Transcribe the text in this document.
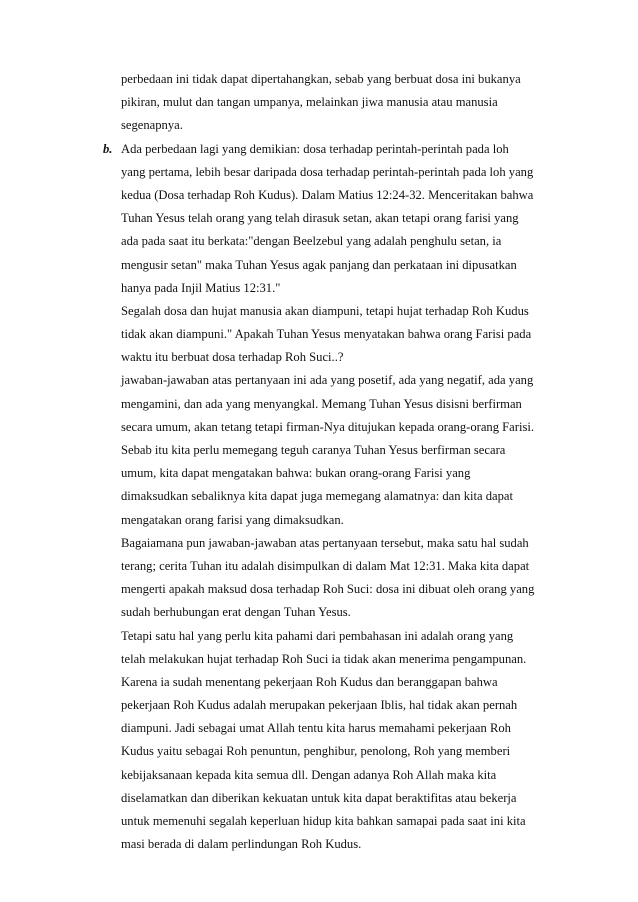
b.
perbedaan ini tidak dapat dipertahangkan, sebab yang berbuat dosa ini bukanya
pikiran, mulut dan tangan umpanya, melainkan jiwa manusia atau manusia
segenapnya.
Ada perbedaan lagi yang demikian: dosa terhadap perintah-perintah pada loh
yang pertama, lebih besar daripada dosa terhadap perintah-perintah pada loh yang
kedua (Dosa terhadap Roh Kudus). Dalam Matius 12:24-32. Menceritakan bahwa
Tuhan Yesus telah orang yang telah dirasuk setan, akan tetapi orang farisi yang
ada pada saat itu berkata:"dengan Beelzebul yang adalah penghulu setan, ia
mengusir setan" maka Tuhan Yesus agak panjang dan perkataan ini dipusatkan
hanya pada Injil Matius 12:31."
Segalah dosa dan hujat manusia akan diampuni, tetapi hujat terhadap Roh Kudus
tidak akan diampuni." Apakah Tuhan Yesus menyatakan bahwa orang Farisi pada
waktu itu berbuat dosa terhadap Roh Suci..?
jawaban-jawaban atas pertanyaan ini ada yang posetif, ada yang negatif, ada yang
mengamini, dan ada yang menyangkal. Memang Tuhan Yesus disisni berfirman
secara umum, akan tetang tetapi firman-Nya ditujukan kepada orang-orang Farisi.
Sebab itu kita perlu memegang teguh caranya Tuhan Yesus berfirman secara
umum, kita dapat mengatakan bahwa: bukan orang-orang Farisi yang
dimaksudkan sebaliknya kita dapat juga memegang alamatnya: dan kita dapat
mengatakan orang farisi yang dimaksudkan.
Bagaiamana pun jawaban-jawaban atas pertanyaan tersebut, maka satu hal sudah
terang; cerita Tuhan itu adalah disimpulkan di dalam Mat 12:31. Maka kita dapat
mengerti apakah maksud dosa terhadap Roh Suci: dosa ini dibuat oleh orang yang
sudah berhubungan erat dengan Tuhan Yesus.
Tetapi satu hal yang perlu kita pahami dari pembahasan ini adalah orang yang
telah melakukan hujat terhadap Roh Suci ia tidak akan menerima pengampunan.
Karena ia sudah menentang pekerjaan Roh Kudus dan beranggapan bahwa
pekerjaan Roh Kudus adalah merupakan pekerjaan Iblis, hal tidak akan pernah
diampuni. Jadi sebagai umat Allah tentu kita harus memahami pekerjaan Roh
Kudus yaitu sebagai Roh penuntun, penghibur, penolong, Roh yang memberi
kebijaksanaan kepada kita semua dll. Dengan adanya Roh Allah maka kita
diselamatkan dan diberikan kekuatan untuk kita dapat beraktifitas atau bekerja
untuk memenuhi segalah keperluan hidup kita bahkan samapai pada saat ini kita
masi berada di dalam perlindungan Roh Kudus.
